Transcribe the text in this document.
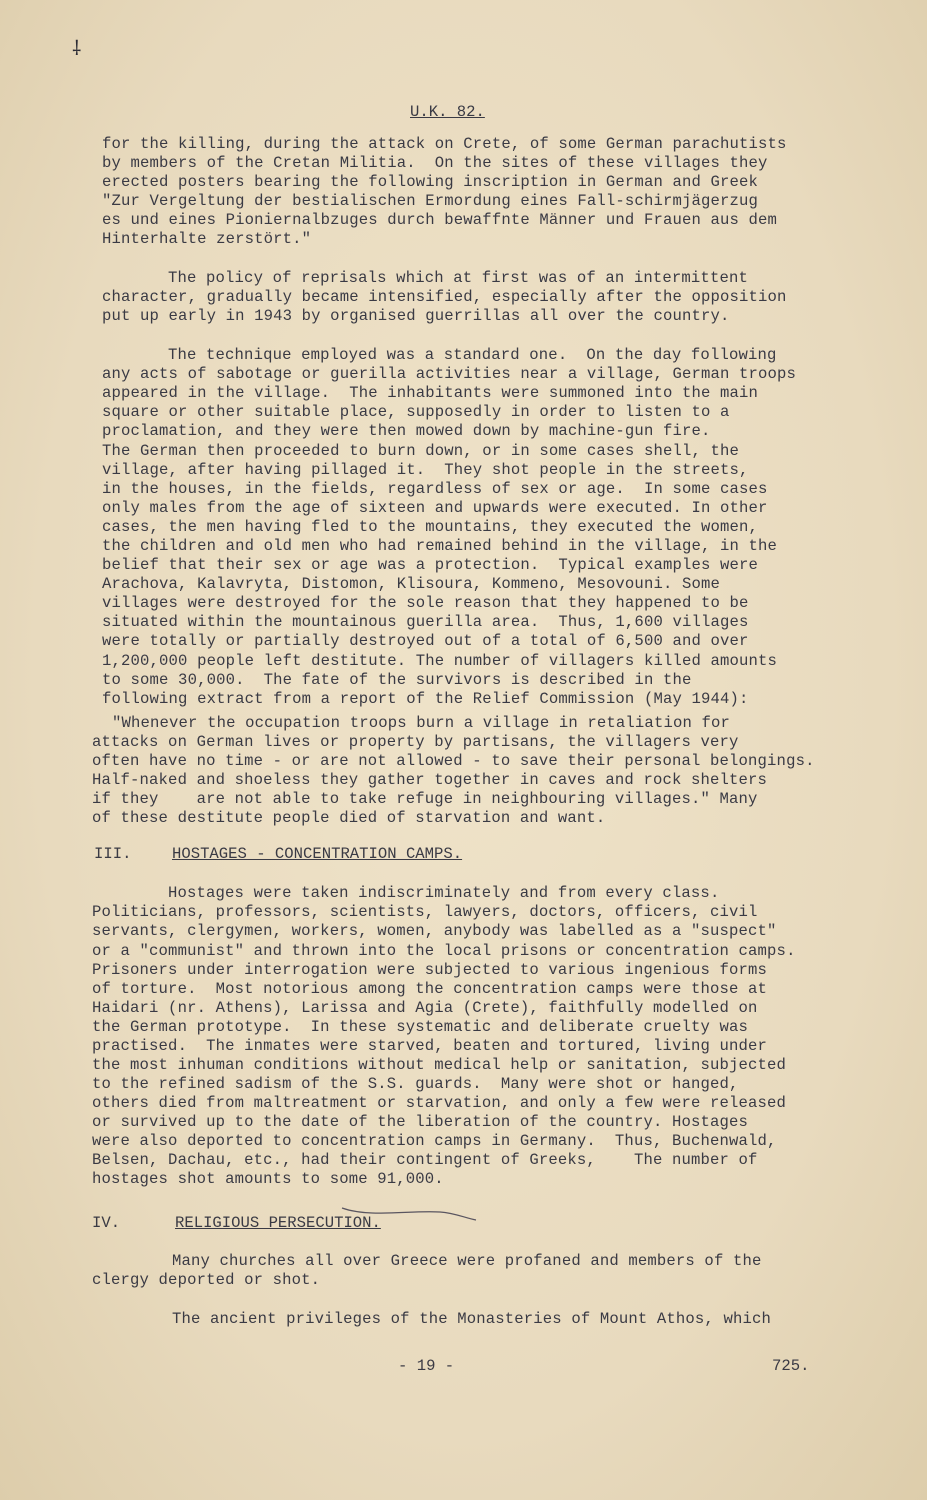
⸸
U.K. 82.
for the killing, during the attack on Crete, of some German parachutists
by members of the Cretan Militia.  On the sites of these villages they
erected posters bearing the following inscription in German and Greek
"Zur Vergeltung der bestialischen Ermordung eines Fall-schirmjägerzug
es und eines Pioniernalbzuges durch bewaffnte Männer und Frauen aus dem
Hinterhalte zerstört."
The policy of reprisals which at first was of an intermittent
character, gradually became intensified, especially after the opposition
put up early in 1943 by organised guerrillas all over the country.
The technique employed was a standard one.  On the day following
any acts of sabotage or guerilla activities near a village, German troops
appeared in the village.  The inhabitants were summoned into the main
square or other suitable place, supposedly in order to listen to a
proclamation, and they were then mowed down by machine-gun fire.
The German then proceeded to burn down, or in some cases shell, the
village, after having pillaged it.  They shot people in the streets,
in the houses, in the fields, regardless of sex or age.  In some cases
only males from the age of sixteen and upwards were executed. In other
cases, the men having fled to the mountains, they executed the women,
the children and old men who had remained behind in the village, in the
belief that their sex or age was a protection.  Typical examples were
Arachova, Kalavryta, Distomon, Klisoura, Kommeno, Mesovouni. Some
villages were destroyed for the sole reason that they happened to be
situated within the mountainous guerilla area.  Thus, 1,600 villages
were totally or partially destroyed out of a total of 6,500 and over
1,200,000 people left destitute. The number of villagers killed amounts
to some 30,000.  The fate of the survivors is described in the
following extract from a report of the Relief Commission (May 1944):
"Whenever the occupation troops burn a village in retaliation for
attacks on German lives or property by partisans, the villagers very
often have no time - or are not allowed - to save their personal belongings.
Half-naked and shoeless they gather together in caves and rock shelters
if they    are not able to take refuge in neighbouring villages." Many
of these destitute people died of starvation and want.
Hostages were taken indiscriminately and from every class.
Politicians, professors, scientists, lawyers, doctors, officers, civil
servants, clergymen, workers, women, anybody was labelled as a "suspect"
or a "communist" and thrown into the local prisons or concentration camps.
Prisoners under interrogation were subjected to various ingenious forms
of torture.  Most notorious among the concentration camps were those at
Haidari (nr. Athens), Larissa and Agia (Crete), faithfully modelled on
the German prototype.  In these systematic and deliberate cruelty was
practised.  The inmates were starved, beaten and tortured, living under
the most inhuman conditions without medical help or sanitation, subjected
to the refined sadism of the S.S. guards.  Many were shot or hanged,
others died from maltreatment or starvation, and only a few were released
or survived up to the date of the liberation of the country. Hostages
were also deported to concentration camps in Germany.  Thus, Buchenwald,
Belsen, Dachau, etc., had their contingent of Greeks,    The number of
hostages shot amounts to some 91,000.
Many churches all over Greece were profaned and members of the
clergy deported or shot.
The ancient privileges of the Monasteries of Mount Athos, which
III.	HOSTAGES - CONCENTRATION CAMPS.
IV.	RELIGIOUS PERSECUTION.
- 19 -	725.
